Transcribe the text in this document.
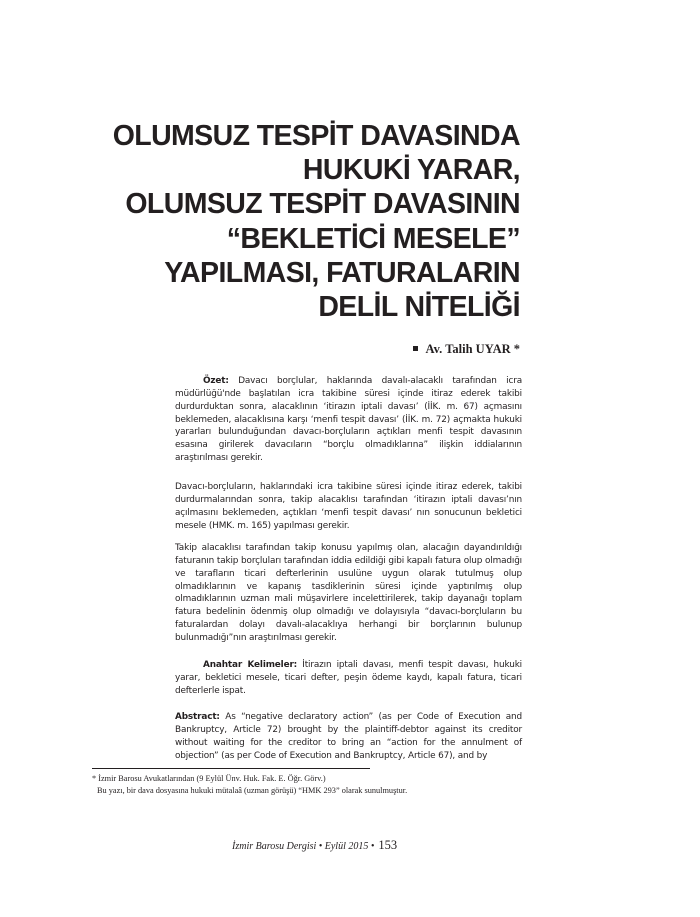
OLUMSUZ TESPİT DAVASINDA
HUKUKİ YARAR,
OLUMSUZ TESPİT DAVASININ
“BEKLETİCİ MESELE”
YAPILMASI, FATURALARIN
DELİL NİTELİĞİ
Av. Talih UYAR *
Özet: Davacı borçlular, haklarında davalı-alacaklı tarafından icra müdürlüğü'nde başlatılan icra takibine süresi içinde itiraz ederek takibi durdurduktan sonra, alacaklının ‘itirazın iptali davası’ (İİK. m. 67) açmasını beklemeden, alacaklısına karşı ‘menfi tespit davası’ (İİK. m. 72) açmakta hukuki yararları bulunduğundan davacı-borçluların açtıkları menfi tespit davasının esasına girilerek davacıların “borçlu olmadıklarına” ilişkin iddialarının araştırılması gerekir.
Davacı-borçluların, haklarındaki icra takibine süresi içinde itiraz ederek, takibi durdurmalarından sonra, takip alacaklısı tarafından ‘itirazın iptali davası’nın açılmasını beklemeden, açtıkları ‘menfi tespit davası’ nın sonucunun bekletici mesele (HMK. m. 165) yapılması gerekir.
Takip alacaklısı tarafından takip konusu yapılmış olan, alacağın dayandırıldığı faturanın takip borçluları tarafından iddia edildiği gibi kapalı fatura olup olmadığı ve tarafların ticari defterlerinin usulüne uygun olarak tutulmuş olup olmadıklarının ve kapanış tasdiklerinin süresi içinde yaptırılmış olup olmadıklarının uzman mali müşavirlere incelettirilerek, takip dayanağı toplam fatura bedelinin ödenmiş olup olmadığı ve dolayısıyla “davacı-borçluların bu faturalardan dolayı davalı-alacaklıya herhangi bir borçlarının bulunup bulunmadığı”nın araştırılması gerekir.
Anahtar Kelimeler: İtirazın iptali davası, menfi tespit davası, hukuki yarar, bekletici mesele, ticari defter, peşin ödeme kaydı, kapalı fatura, ticari defterlerle ispat.
Abstract: As “negative declaratory action” (as per Code of Execution and Bankruptcy, Article 72) brought by the plaintiff-debtor against its creditor without waiting for the creditor to bring an “action for the annulment of objection” (as per Code of Execution and Bankruptcy, Article 67), and by
* İzmir Barosu Avukatlarından (9 Eylül Ünv. Huk. Fak. E. Öğr. Görv.)
Bu yazı, bir dava dosyasına hukuki mütalaâ (uzman görüşü) “HMK 293” olarak sunulmuştur.
İzmir Barosu Dergisi • Eylül 2015 • 153
